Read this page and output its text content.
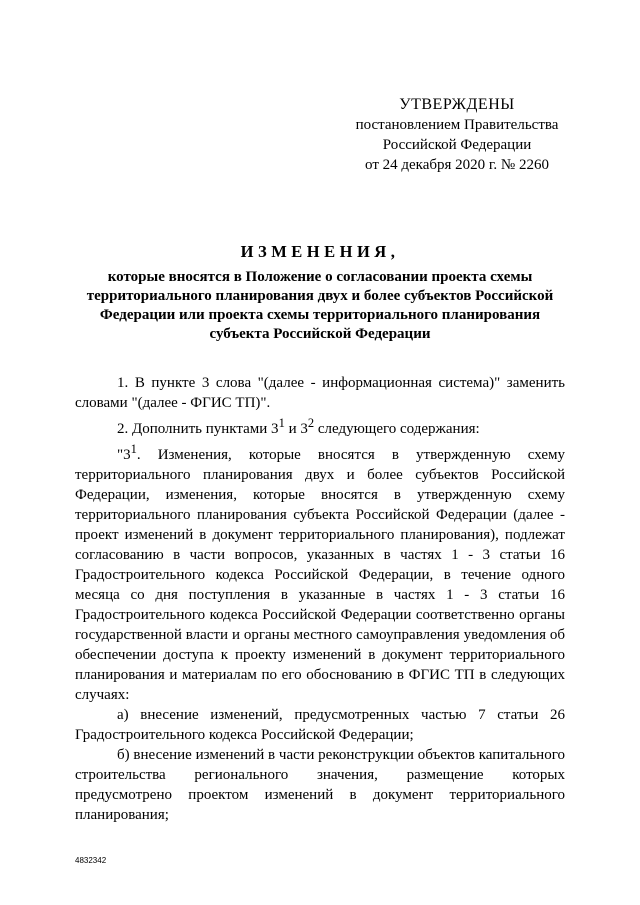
УТВЕРЖДЕНЫ
постановлением Правительства
Российской Федерации
от 24 декабря 2020 г. № 2260
ИЗМЕНЕНИЯ,
которые вносятся в Положение о согласовании проекта схемы территориального планирования двух и более субъектов Российской Федерации или проекта схемы территориального планирования субъекта Российской Федерации

1. В пункте 3 слова "(далее - информационная система)" заменить словами "(далее - ФГИС ТП)".

2. Дополнить пунктами $3^1$ и $3^2$ следующего содержания:

"$3^1$. Изменения, которые вносятся в утвержденную схему территориального планирования двух и более субъектов Российской Федерации, изменения, которые вносятся в утвержденную схему территориального планирования субъекта Российской Федерации (далее - проект изменений в документ территориального планирования), подлежат согласованию в части вопросов, указанных в частях 1 - 3 статьи 16 Градостроительного кодекса Российской Федерации, в течение одного месяца со дня поступления в указанные в частях 1 - 3 статьи 16 Градостроительного кодекса Российской Федерации соответственно органы государственной власти и органы местного самоуправления уведомления об обеспечении доступа к проекту изменений в документ территориального планирования и материалам по его обоснованию в ФГИС ТП в следующих случаях:

а) внесение изменений, предусмотренных частью 7 статьи 26 Градостроительного кодекса Российской Федерации;

б) внесение изменений в части реконструкции объектов капитального строительства регионального значения, размещение которых предусмотрено проектом изменений в документ территориального планирования;

4832342
